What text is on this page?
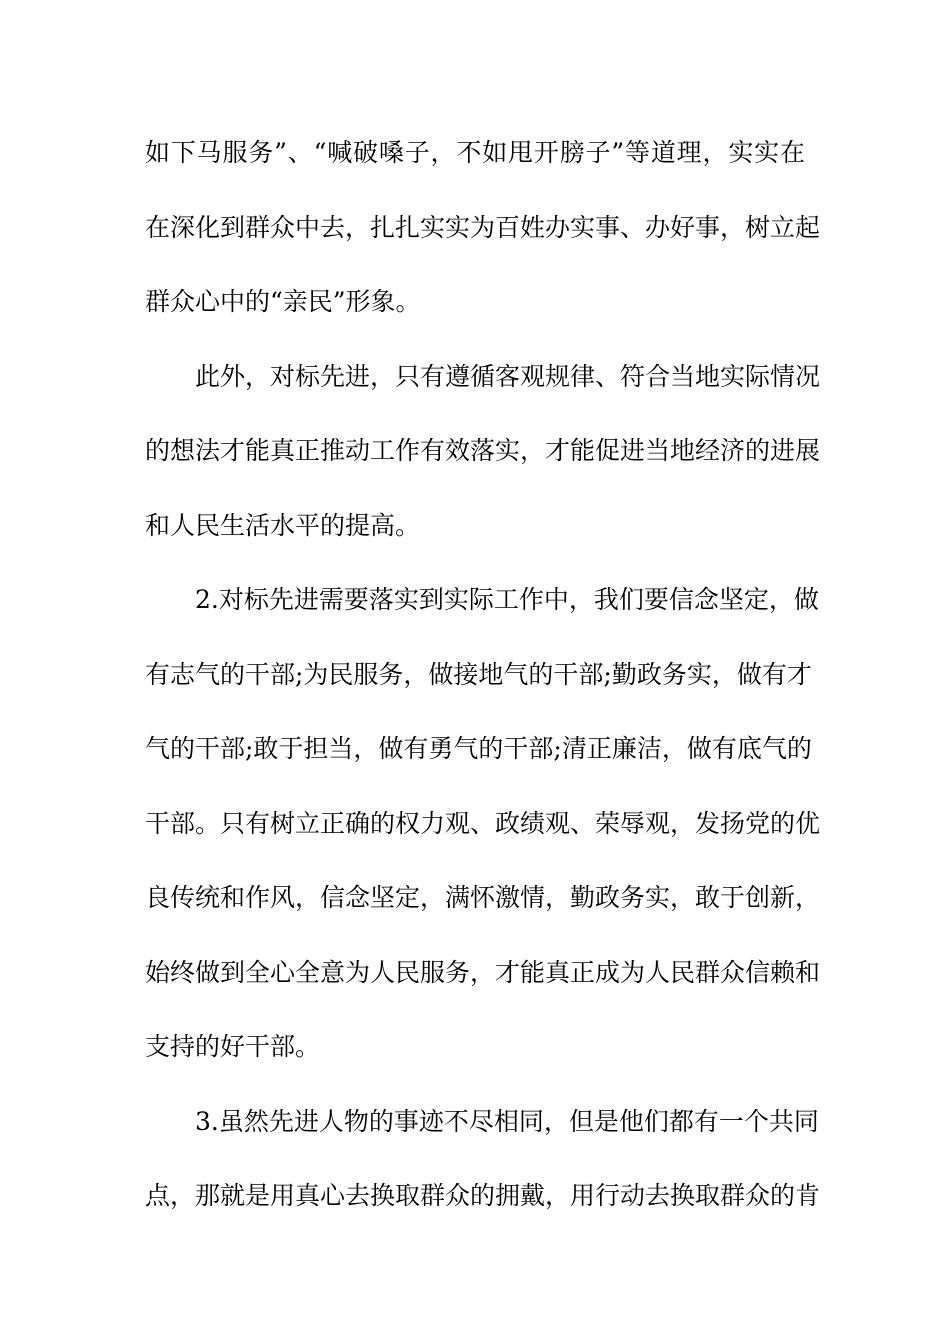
如下马服务”、“喊破嗓子，不如甩开膀子”等道理，实实在
在深化到群众中去，扎扎实实为百姓办实事、办好事，树立起
群众心中的“亲民”形象。
此外，对标先进，只有遵循客观规律、符合当地实际情况
的想法才能真正推动工作有效落实，才能促进当地经济的进展
和人民生活水平的提高。
2.对标先进需要落实到实际工作中，我们要信念坚定，做
有志气的干部;为民服务，做接地气的干部;勤政务实，做有才
气的干部;敢于担当，做有勇气的干部;清正廉洁，做有底气的
干部。只有树立正确的权力观、政绩观、荣辱观，发扬党的优
良传统和作风，信念坚定，满怀激情，勤政务实，敢于创新，
始终做到全心全意为人民服务，才能真正成为人民群众信赖和
支持的好干部。
3.虽然先进人物的事迹不尽相同，但是他们都有一个共同
点，那就是用真心去换取群众的拥戴，用行动去换取群众的肯
